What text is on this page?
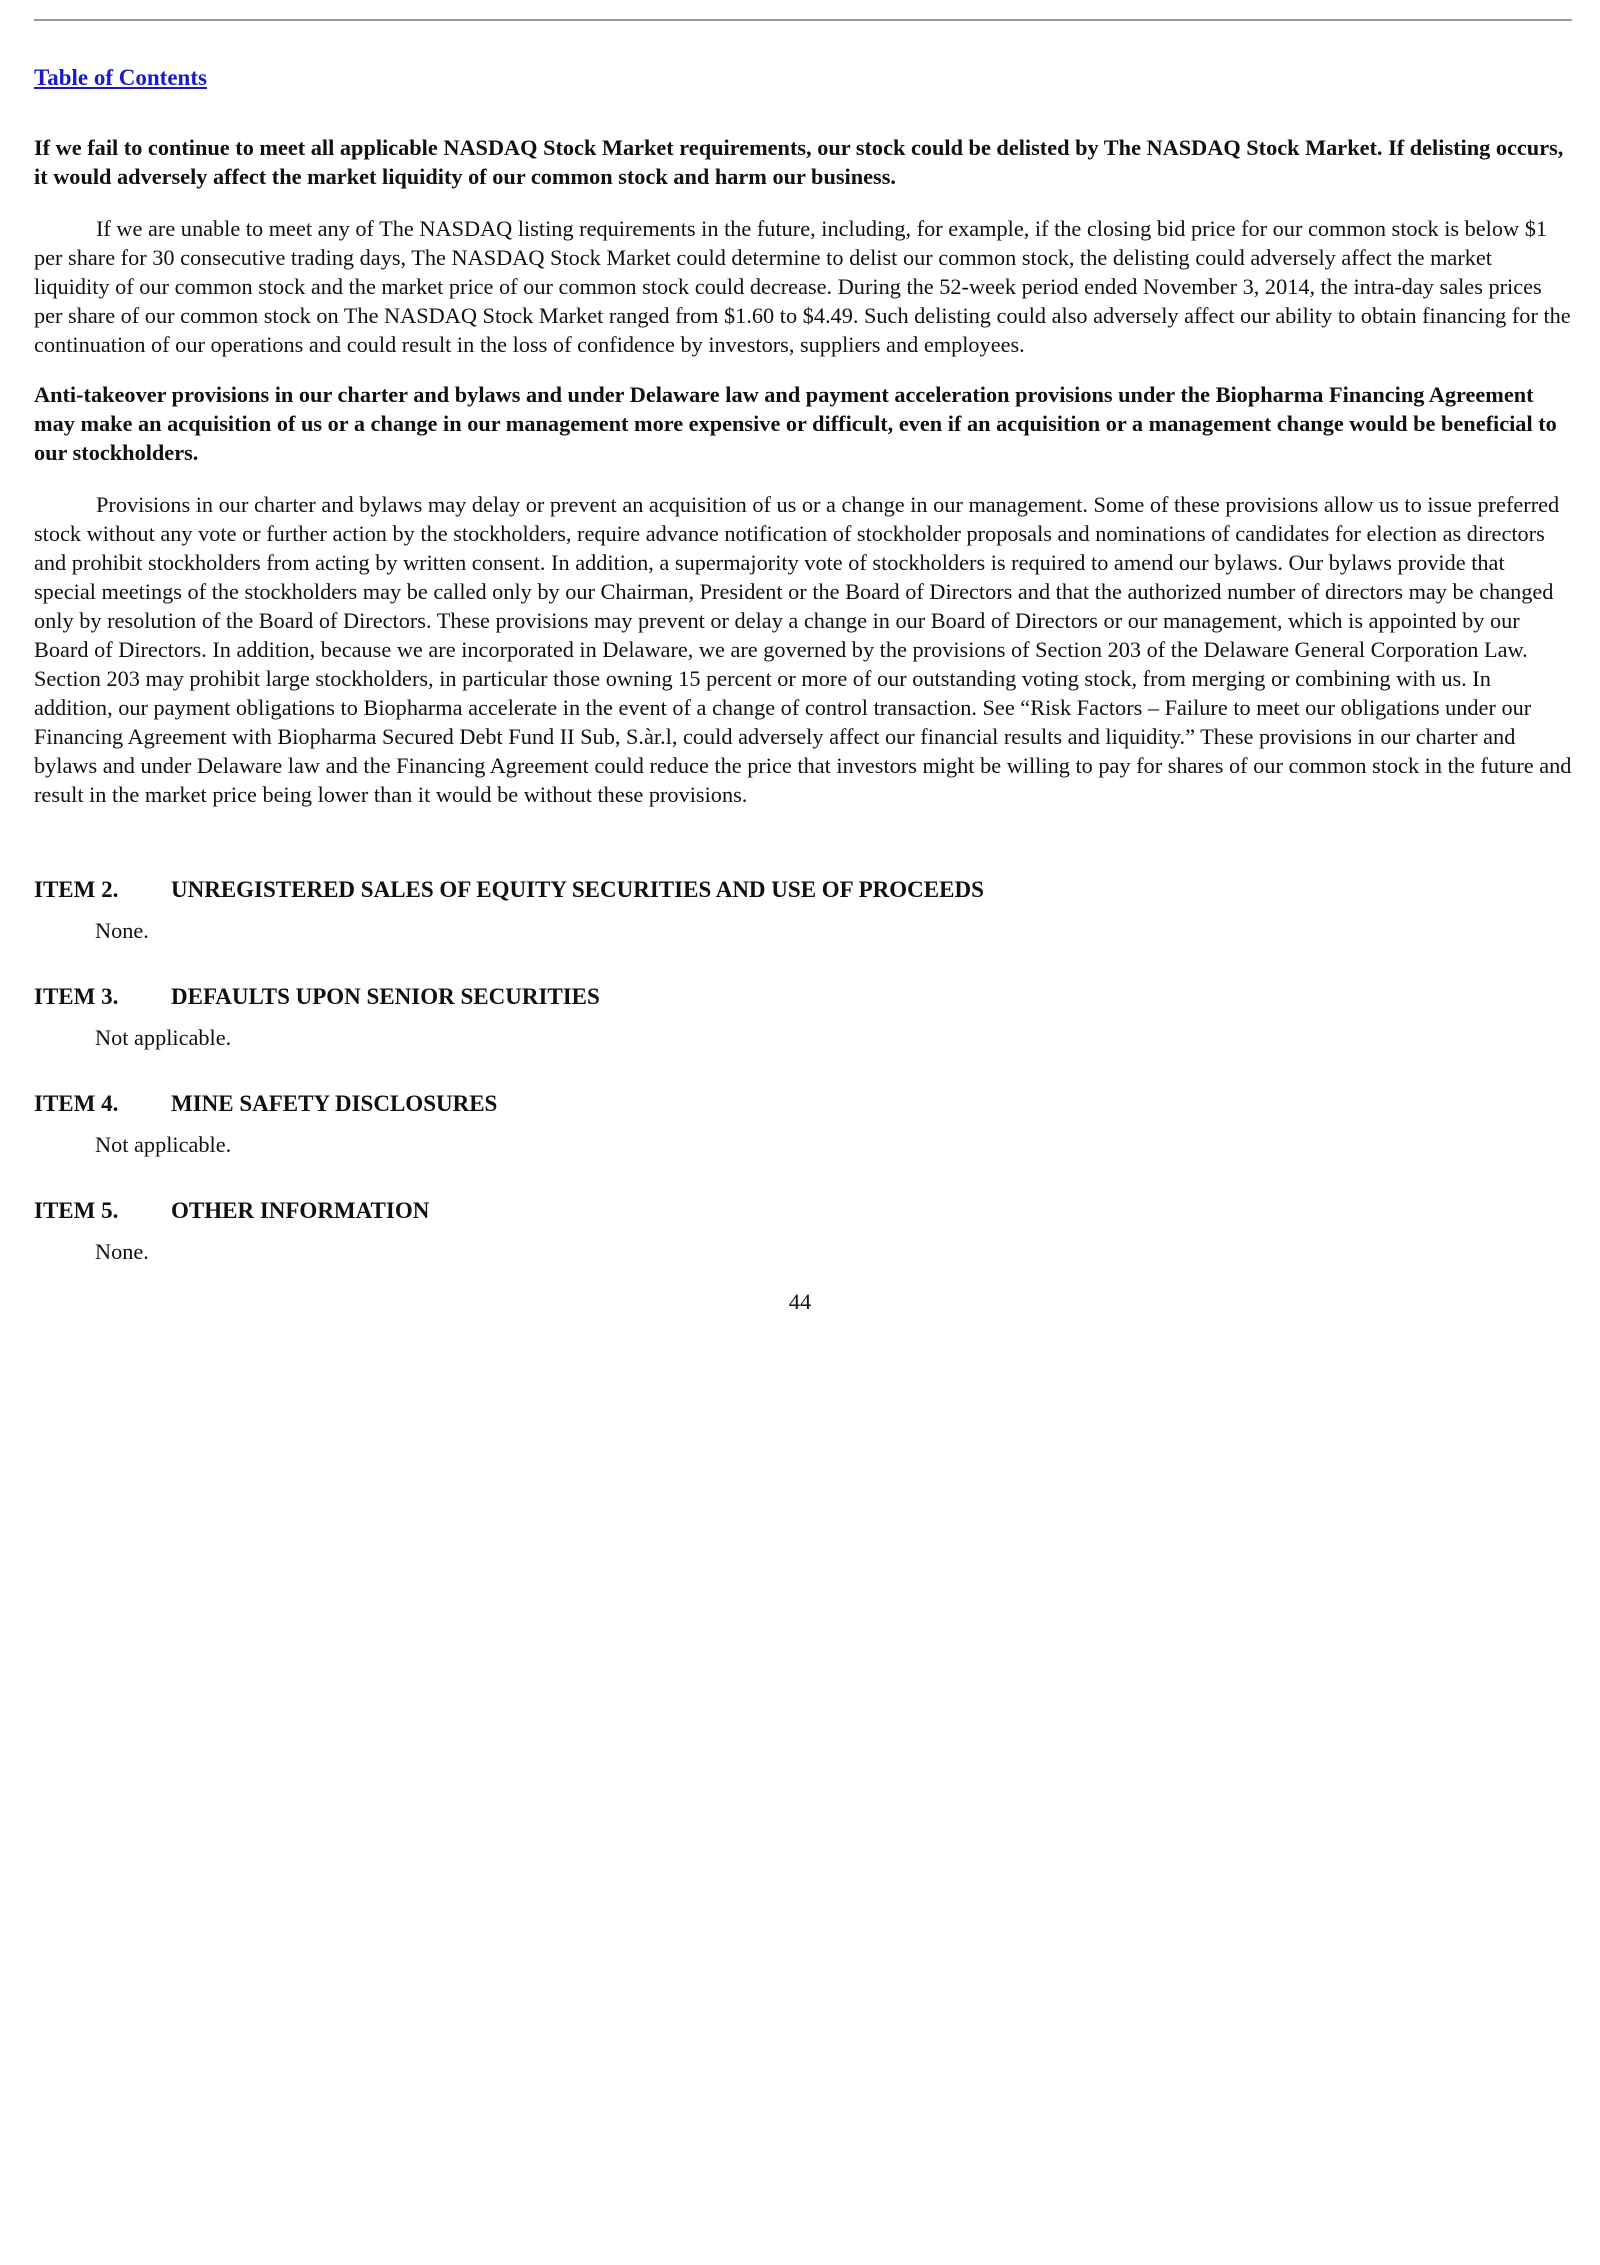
Table of Contents
If we fail to continue to meet all applicable NASDAQ Stock Market requirements, our stock could be delisted by The NASDAQ Stock Market. If delisting occurs, it would adversely affect the market liquidity of our common stock and harm our business.
If we are unable to meet any of The NASDAQ listing requirements in the future, including, for example, if the closing bid price for our common stock is below $1 per share for 30 consecutive trading days, The NASDAQ Stock Market could determine to delist our common stock, the delisting could adversely affect the market liquidity of our common stock and the market price of our common stock could decrease. During the 52-week period ended November 3, 2014, the intra-day sales prices per share of our common stock on The NASDAQ Stock Market ranged from $1.60 to $4.49. Such delisting could also adversely affect our ability to obtain financing for the continuation of our operations and could result in the loss of confidence by investors, suppliers and employees.
Anti-takeover provisions in our charter and bylaws and under Delaware law and payment acceleration provisions under the Biopharma Financing Agreement may make an acquisition of us or a change in our management more expensive or difficult, even if an acquisition or a management change would be beneficial to our stockholders.
Provisions in our charter and bylaws may delay or prevent an acquisition of us or a change in our management. Some of these provisions allow us to issue preferred stock without any vote or further action by the stockholders, require advance notification of stockholder proposals and nominations of candidates for election as directors and prohibit stockholders from acting by written consent. In addition, a supermajority vote of stockholders is required to amend our bylaws. Our bylaws provide that special meetings of the stockholders may be called only by our Chairman, President or the Board of Directors and that the authorized number of directors may be changed only by resolution of the Board of Directors. These provisions may prevent or delay a change in our Board of Directors or our management, which is appointed by our Board of Directors. In addition, because we are incorporated in Delaware, we are governed by the provisions of Section 203 of the Delaware General Corporation Law. Section 203 may prohibit large stockholders, in particular those owning 15 percent or more of our outstanding voting stock, from merging or combining with us. In addition, our payment obligations to Biopharma accelerate in the event of a change of control transaction. See “Risk Factors – Failure to meet our obligations under our Financing Agreement with Biopharma Secured Debt Fund II Sub, S.àr.l, could adversely affect our financial results and liquidity.” These provisions in our charter and bylaws and under Delaware law and the Financing Agreement could reduce the price that investors might be willing to pay for shares of our common stock in the future and result in the market price being lower than it would be without these provisions.
ITEM 2. UNREGISTERED SALES OF EQUITY SECURITIES AND USE OF PROCEEDS
None.
ITEM 3. DEFAULTS UPON SENIOR SECURITIES
Not applicable.
ITEM 4. MINE SAFETY DISCLOSURES
Not applicable.
ITEM 5. OTHER INFORMATION
None.
44
